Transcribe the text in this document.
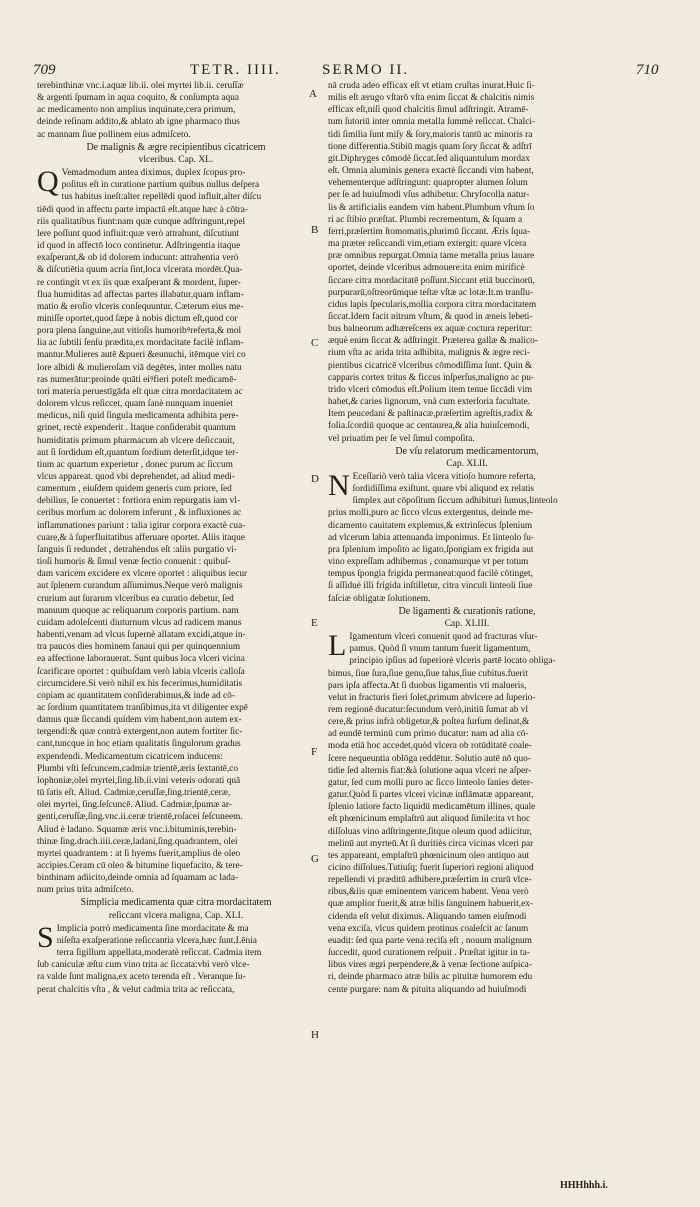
709	TETR. IIII.	SERMO II.	710
A
B
C
D
E
F
G
H
terebinthinæ vnc.i.aquæ lib.ii. olei myrtei lib.ii. ceruſſæ
& argenti ſpumam in aqua coquito, & conſumpta aqua
ac medicamento non amplius inquinate,cera primum,
deinde reſinam addito,& ablato ab igne pharmaco thus
ac mannam ſiue pollinem eius admiſceto.
De malignis & ægre recipientibus cicatricem
vlceribus. Cap. XL.
Q Vemadmodum antea diximus, duplex ſcopus pro-
poſitus eſt in curatione partium quibus nullus deſpera
tus habitus ineſt:alter repellēdi quod influit,alter diſcu
tiēdi quod in affectu parte impactū eſt.atque hæc à cōtra-
riis qualitatibus fiunt:nam quæ cunque adſtringunt,repel
lere poſſunt quod influit:quæ verò attrahunt, diſcutiunt
id quod in affectō loco continetur. Adſtringentia itaque
exaſperant,& ob id dolorem inducunt: attrahentia verò
& diſcutiētia quum acria ſint,loca vlcerata mordēt.Qua-
re contingit vt ex iis quæ exaſperant & mordent, ſuper-
flua humiditas ad affectas partes illabatur,quam inflam-
matio & eroſio vlceris conſequuntur. Cæterum eius me-
miniſſe oportet,quod ſæpe à nobis dictum eſt,quod cor
pora plena ſanguine,aut vitioſis humoribꝰreferta,& mol
lia ac ſubtili ſenſu prædita,ex mordacitate facilè inflam-
mantur.Mulieres autē &pueri &eunuchi, itēmque viri co
lore albidi & mulieroſam viā degētes, inter molles natu
ras numerātur:proinde quāti eiꝰfieri poteſt medicamē-
tori materia peruestīgāda eſt quæ citra mordacitatem ac
dolorem vlcus reſiccet, quam ſanè nunquam inueniet
medicus, niſi quid ſingula medicamenta adhibita pere-
grinet, rectè expenderit . Itaque conſiderabit quantum
humiditatis primum pharmacum ab vlcere deſiccauit,
aut ſi ſordidum eſt,quantum ſordium deterſit,idque ter-
tium ac quartum experietur , donec purum ac ſiccum
vlcus appareat. quod vbi deprehendet, ad aliud medi-
camentum , eiuſdem quidem generis cum priore, ſed
debilius, ſe conuertet : fortiora enim repurgatis iam vl-
ceribus morſum ac dolorem inferunt , & influxiones ac
inflammationes pariunt : talia igitur corpora exactè cua-
cuare,& à ſuperfluitatibus afferuare oportet. Aliis itaque
ſanguis ſi redundet , detrahendus eſt :aliis purgatio vi-
tioſi humoris & ſimul venæ ſectio conuenit : quibuſ-
dam varicem excidere ex vlcere oportet : aliquibus iecur
aut ſplenem curandum aſſumimus.Neque verò malignis
crurium aut ſurarum vlceribus ea curatio debetur, ſed
manuum quoque ac reliquarum corporis partium. nam
cuidam adoleſcenti diuturnum vlcus ad radicem manus
habenti,venam ad vlcus ſupernè allatam excidi,atque in-
tra paucos dies hominem ſanaui qui per quinquennium
ea affectione laborauerat. Sunt quibus loca vlceri vicina
ſcarificare oportet : quibuſdam verò labia vlceris calloſa
circumcidere.Si verò nihil ex his fecerimus,humiditatis
copiam ac quantitatem conſiderabimus,& inde ad cō-
ac ſordium quantitatem tranſibimus,ita vt diligenter expē
damus quæ ſiccandi quidem vim habent,non autem ex-
tergendi:& quæ contrà extergent,non autem fortiter ſic-
cant,tuncque in hoc etiam qualitatis ſingulorum gradus
expendendi. Medicamentum cicatricem inducens:
Plumbi vſti ſeſcuncem,cadmiæ trientē,æris ſextantē,co
lophoniæ,olei myrtei,ſing.lib.ii.vini veteris odorati quā
tū ſatis eſt. Aliud. Cadmiæ,ceruſſæ,ſing.trientē,ceræ,
olei myrtei, ſing.ſeſcuncē. Aliud. Cadmiæ,ſpumæ ar-
genti,ceruſſæ,ſing.vnc.ii.ceræ trientē,roſacei ſeſcuneem.
Aliud è ladano. Squamæ æris vnc.i.bituminis,terebin-
thinæ ſing.drach.iiii.ceræ,ladani,ſing.quadrantem, olei
myrtei quadrantem : at ſi hyems fuerit,amplius de oleo
accipies.Ceram cū oleo & bitumine liquefacito, & tere-
binthinam adiicito,deinde omnia ad ſquamam ac lada-
num prius trita admiſceto.
Simplicia medicamenta quæ citra mordacitatem
reſiccant vlcera maligna, Cap. XLI.
S Implicia porrò medicamenta ſine mordacitate & ma
niſeſta exaſperatione reſiccantia vlcera,hæc ſunt.Lēnia
terra ſigillum appellata,moderatè reſiccat. Cadmia item
ſub caniculæ æſtu cum vino trita ac ſiccata:vbi verò vlce-
ra valde ſunt maligna,ex aceto terenda eſt . Veranque ſu-
perat chalcitis vſta , & velut cadmia trita ac reſiccata,
nā cruda adeo efficax eſt vt etiam cruſtas inurat.Huic ſi-
milis eſt ærugo vſtarō vſta enim ſiccat & chalcitis nimis
efficax eſt,niſi quod chalcitis ſimul adſtringit. Atramē-
tum ſutoriū inter omnia metalla ſummè reſiccat. Chalci-
tidi ſimilia ſunt miſy & ſory,maioris tantū ac minoris ra
tione differentia.Stibiū magis quam ſory ſiccat & adſtrī
git.Diphryges cōmodè ſiccat.ſed aliquantulum mordax
eſt. Omnia aluminis genera exactè ſiccandi vim habent,
vehementerque adſtringunt: quapropter alumen ſolum
per ſe ad huiuſmodi vſus adhibetur. Chryſocolla natur-
lis & artificialis eandem vim habent.Plumbum vſtum ſo
ri ac ſtibio præſtat. Plumbi recrementum, & ſquam a
ferri,præſertim ſtomomatis,plurimū ſiccant. Æris ſqua-
ma præter reſiccandi vim,etiam extergit: quare vlcera
præ omnibus repurgat.Omnia tame metalla prius lauare
oportet, deinde vlceribus admouere:ita enim mirificè
ſiccare citra mordacitatē poſſunt.Siccant etiā buccinorū,
purpurarū,oſtreorūmque teſtæ vſtæ ac lotæ.It.m tranſlu-
cidus lapis ſpecularis,mollia corpora citra mordacitatem
ſiccat.Idem facit nitrum vſtum, & quod in æneis lebeti-
bus balneorum adhæreſcens ex aquæ coctura reperitur:
æquè enim ſiccat & adſtringit. Præterea gallæ & malico-
rium vſta ac arida trita adhibita, malignis & ægre reci-
pientibus cicatricē vlceribus cōmodiſſima ſunt. Quin &
capparis cortex tritus & ficcus inſperſus,maligno ac pu-
trido vlceri cōmodus eſt.Polium item tenue ſiccādi vim
habet,& caries lignorum, vnà cum exterſoria facultate.
Item peucedani & paſtinacæ,præſertim agreſtis,radix &
folia.ſcordiū quoque ac centaurea,& alia huiuſcemodi,
vel priuatim per ſe vel ſimul compoſita.
De vſu relatorum medicamentorum,
Cap. XLII.
N Eceſſariò verò talia vlcera vitioſo humore referta,
ſordidiſſima exiſtunt. quare vbi aliquod ex relatis
ſimplex aut cōpoſitum ſiccum adhibituri ſumus,linteolo
prius molli,puro ac ſicco vlcus extergentus, deinde me-
dicamento cauitatem explemus,& extrinſecus ſplenium
ad vlcerum labia attenuanda imponimus. Et linteolo ſu-
pra ſplenium impoſito ac ligato,ſpongiam ex frigida aut
vino expreſſam adhibemus , conamurque vt per totum
tempus ſpongia frigida permaneat:quod facilè cōtinget,
ſi aſſiduè illi frigida inſtilletur, citra vinculi linteoli ſiue
faſciæ obligatæ ſolutionem.
De ligamenti & curationis ratione,
Cap. XLIII.
L Igamentum vlceri conuenit quod ad fracturas vſur-
pamus. Quòd ſi vnum tantum fuerit ligamentum,
principio ipſius ad ſuperiorè vlceris partē locato obliga-
bimus, ſiue ſura,ſiue genu,ſiue talus,ſiue cubitus.fuerit
pars ipſa affecta.At ſi duobus ligamentis vti malueris,
velut in fracturis fieri ſolet,primum abvlcere ad ſuperio-
rem regionē ducatur:ſecundum verò,initiū ſumat ab vl
cere,& prius infrà obligetur,& poſtea ſurſum deſinat,&
ad eundē terminū cum primo ducatur: nam ad alia cō-
moda etiā hoc accedet,quòd vlcera ob rotūditatē coale-
ſcere nequeuntia oblōga reddētur. Solutio autē nō quo-
tidie ſed alternis fiat:&à ſolutione aqua vlceri ne aſper-
gatur, ſed cum molli puro ac ſicco linteolo ſanies deter-
gatur.Quòd ſi partes vlceri vicinæ inflāmatæ appareant,
ſplenio latiore facto liquidū medicamētum illines, quale
eſt phœnicinum emplaſtrū aut aliquod ſimile:ita vt hoc
diſſoluas vino adſtringente,ſitque oleum quod adiicitur,
melinū aut myrteū.At ſi duritiès circa vicinas vlceri par
tes appareant, emplaſtrū phœnicinum oleo antiquo aut
cicino diſſolues.Tutiuſq; fuerit ſuperiori regioni aliquod
repellendi vi præditū adhibere,præſertim in crurū vlce-
ribus,&iis quæ eminentem varicem habent. Vena verò
quæ amplior fuerit,& atræ bilis ſanguinem habuerit,ex-
cidenda eſt velut diximus. Aliquando tamen eiuſmodi
vena exciſa, vlcus quidem protinus coaleſcit ac ſanum
euadit: ſed qua parte vena reciſa eſt , nouum malignum
ſuccedit, quod curationem reſpuit . Præſtat igitur in ta-
libus vires ægri perpendere,& à venæ ſectione auſpica-
ri, deinde pharmaco atræ bilis ac pituitæ humorem edu
cente purgare: nam & pituita aliquando ad huiuſmodi
HHHhhh.i.
